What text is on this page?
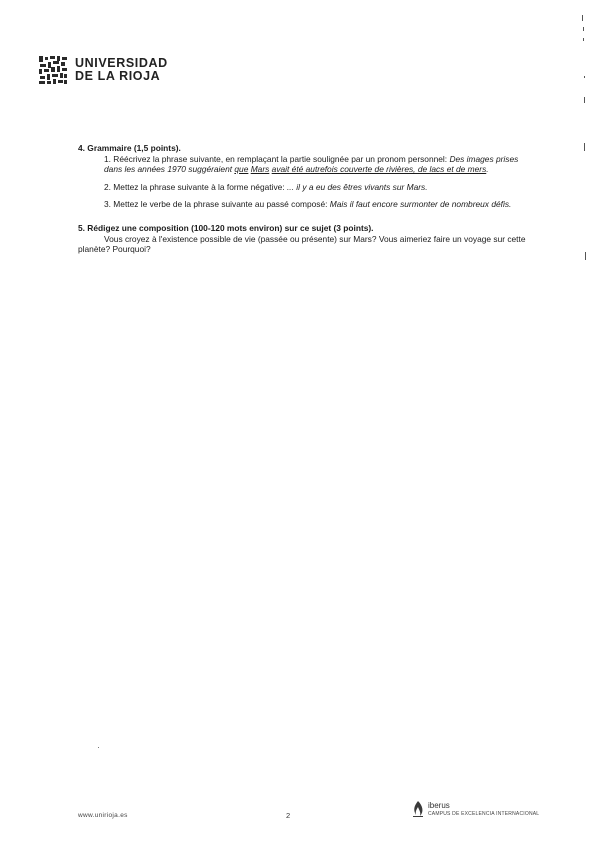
UNIVERSIDAD
DE LA RIOJA

4. Grammaire (1,5 points).

1. Réécrivez la phrase suivante, en remplaçant la partie soulignée par un pronom personnel: Des images prises dans les années 1970 suggéraient que Mars avait été autrefois couverte de rivières, de lacs et de mers.

2. Mettez la phrase suivante à la forme négative: ... il y a eu des êtres vivants sur Mars.

3. Mettez le verbe de la phrase suivante au passé composé: Mais il faut encore surmonter de nombreux défis.

5. Rédigez une composition (100-120 mots environ) sur ce sujet (3 points).

Vous croyez à l'existence possible de vie (passée ou présente) sur Mars? Vous aimeriez faire un voyage sur cette planète? Pourquoi?

www.unirioja.es	2
iberus
CAMPUS DE EXCELENCIA INTERNACIONAL
